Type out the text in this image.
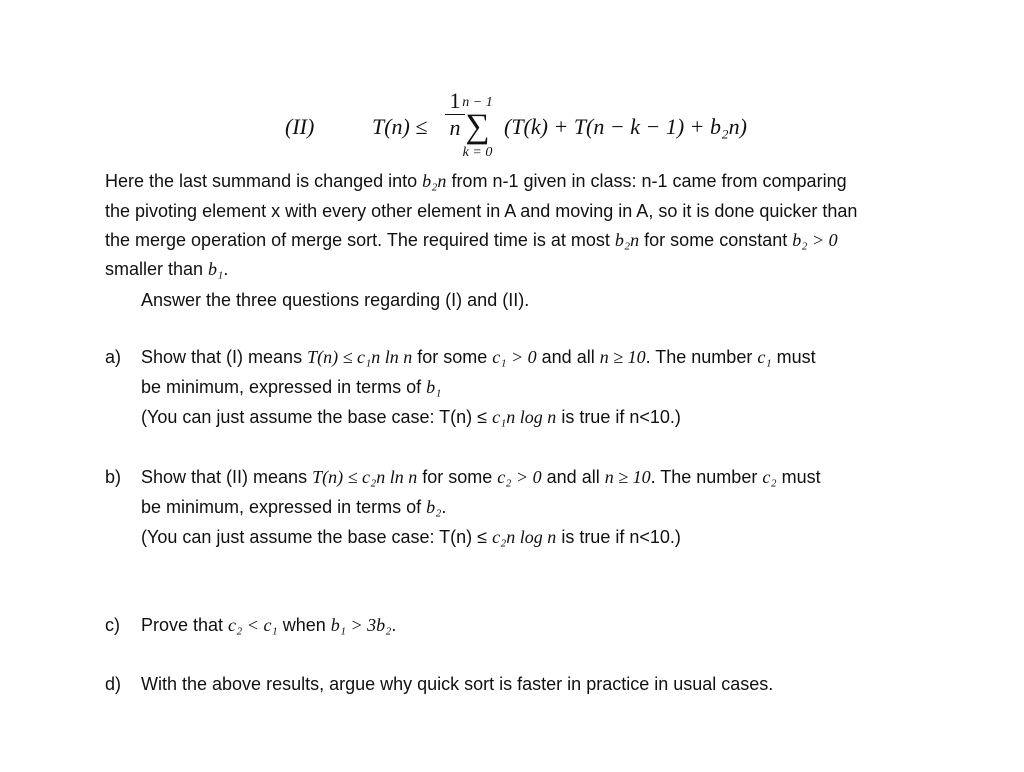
(II)	T(n) ≤
1
n
n − 1
∑
k = 0
(T(k) + T(n − k − 1) + b₂n)
Here the last summand is changed into b₂n from n-1 given in class: n-1 came from comparing
the pivoting element x with every other element in A and moving in A, so it is done quicker than
the merge operation of merge sort. The required time is at most b₂n for some constant b₂ > 0
smaller than b₁.
Answer the three questions regarding (I) and (II).
a) Show that (I) means T(n) ≤ c₁n ln n for some c₁ > 0 and all n ≥ 10. The number c₁ must
be minimum, expressed in terms of b₁
(You can just assume the base case: T(n) ≤ c₁n log n is true if n<10.)
b) Show that (II) means T(n) ≤ c₂n ln n for some c₂ > 0 and all n ≥ 10. The number c₂ must
be minimum, expressed in terms of b₂.
(You can just assume the base case: T(n) ≤ c₂n log n is true if n<10.)
c) Prove that c₂ < c₁ when b₁ > 3b₂.
d) With the above results, argue why quick sort is faster in practice in usual cases.
